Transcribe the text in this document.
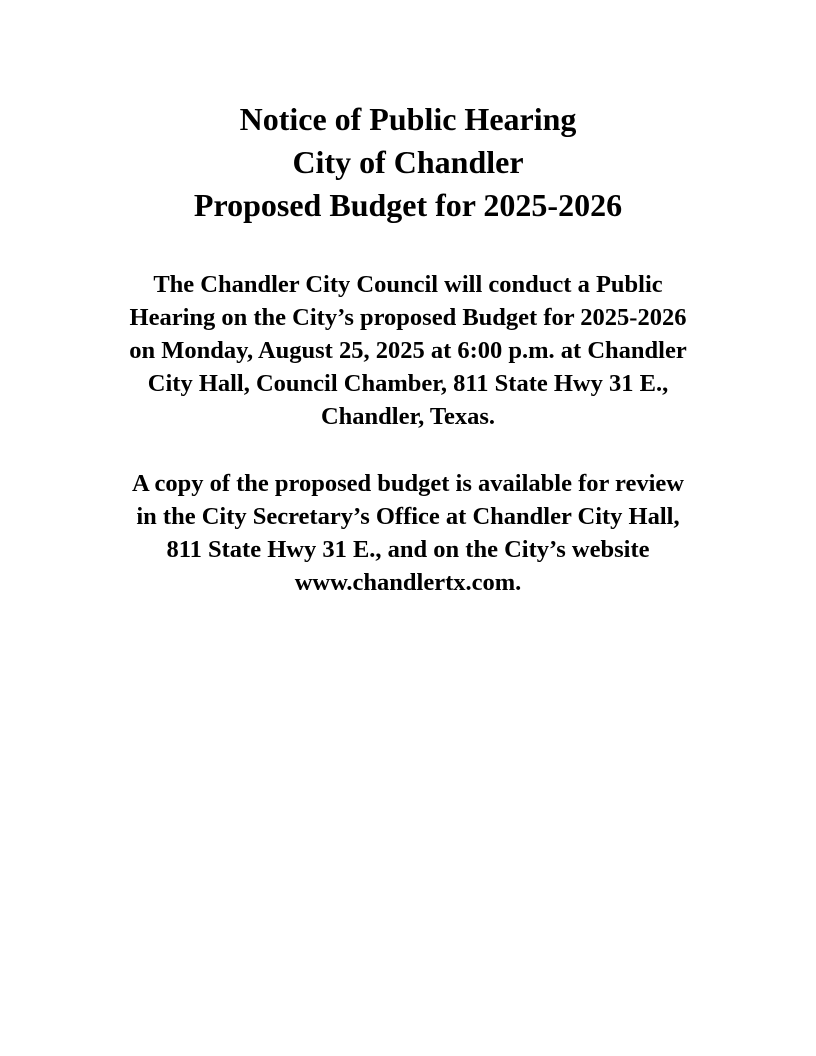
Notice of Public Hearing
City of Chandler
Proposed Budget for 2025-2026
The Chandler City Council will conduct a Public
Hearing on the City’s proposed Budget for 2025-2026
on Monday, August 25, 2025 at 6:00 p.m. at Chandler
City Hall, Council Chamber, 811 State Hwy 31 E.,
Chandler, Texas.
A copy of the proposed budget is available for review
in the City Secretary’s Office at Chandler City Hall,
811 State Hwy 31 E., and on the City’s website
www.chandlertx.com.
